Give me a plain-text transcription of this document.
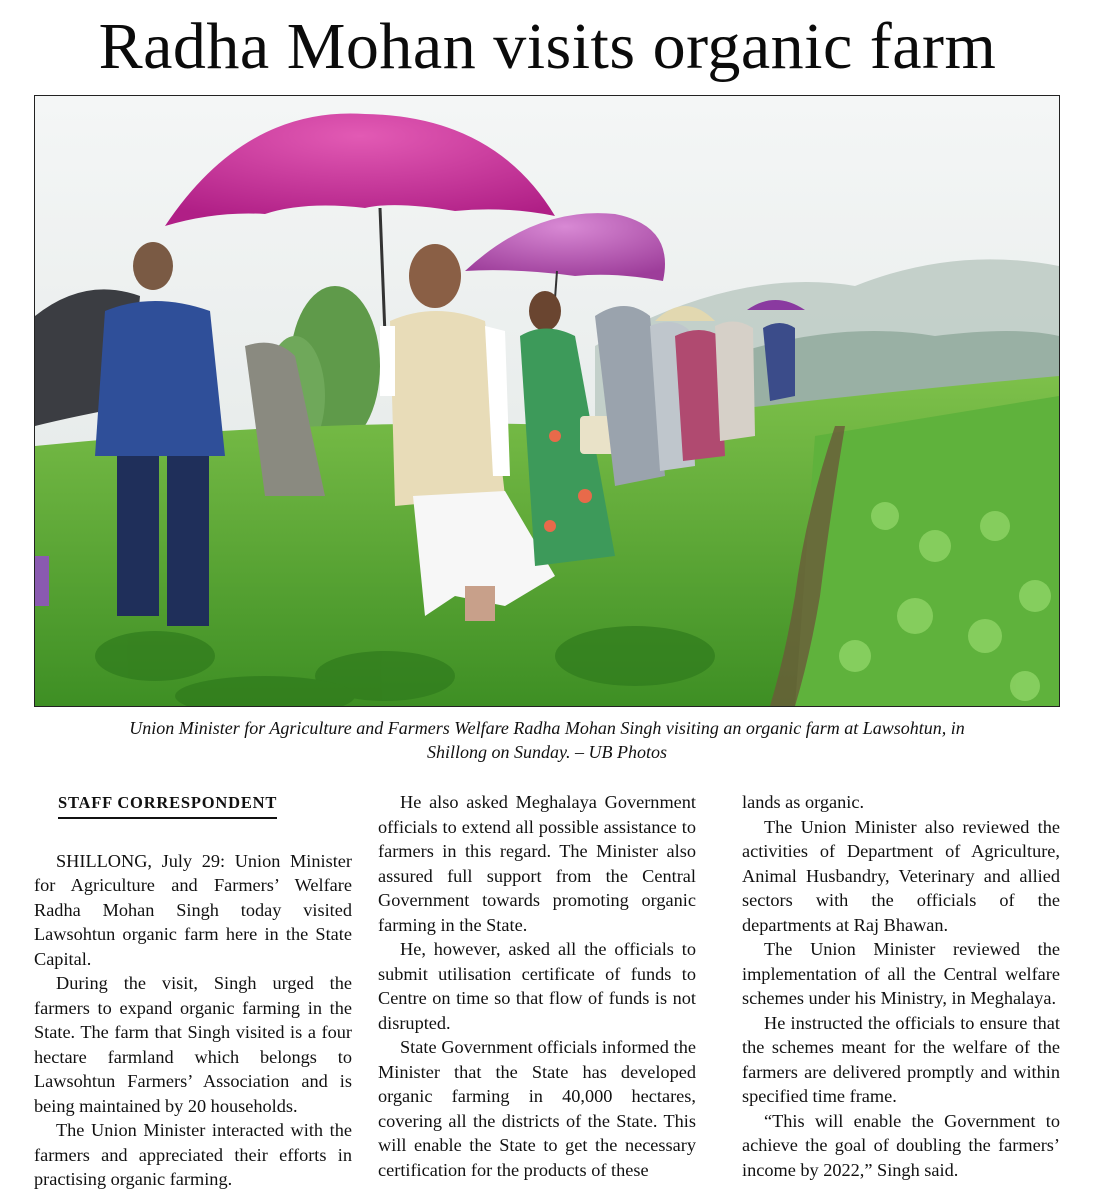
Radha Mohan visits organic farm
Union Minister for Agriculture and Farmers Welfare Radha Mohan Singh visiting an organic farm at Lawsohtun, in
Shillong on Sunday. – UB Photos
STAFF CORRESPONDENT

SHILLONG, July 29: Union Minister for Agriculture and Farmers’ Welfare Radha Mohan Singh today visited Lawsohtun organic farm here in the State Capital.

During the visit, Singh urged the farmers to expand organic farming in the State. The farm that Singh visited is a four hectare farmland which belongs to Lawsohtun Farmers’ Association and is being maintained by 20 households.

The Union Minister interacted with the farmers and appreciated their efforts in practising organic farming.

He also asked Meghalaya Government officials to extend all possible assistance to farmers in this regard. The Minister also assured full support from the Central Government towards promoting organic farming in the State.

He, however, asked all the officials to submit utilisation certificate of funds to Centre on time so that flow of funds is not disrupted.

State Government officials informed the Minister that the State has developed organic farming in 40,000 hectares, covering all the districts of the State. This will enable the State to get the necessary certification for the products of these

lands as organic.

The Union Minister also reviewed the activities of Department of Agriculture, Animal Husbandry, Veterinary and allied sectors with the officials of the departments at Raj Bhawan.

The Union Minister reviewed the implementation of all the Central welfare schemes under his Ministry, in Meghalaya.

He instructed the officials to ensure that the schemes meant for the welfare of the farmers are delivered promptly and within specified time frame.

“This will enable the Government to achieve the goal of doubling the farmers’ income by 2022,” Singh said.
